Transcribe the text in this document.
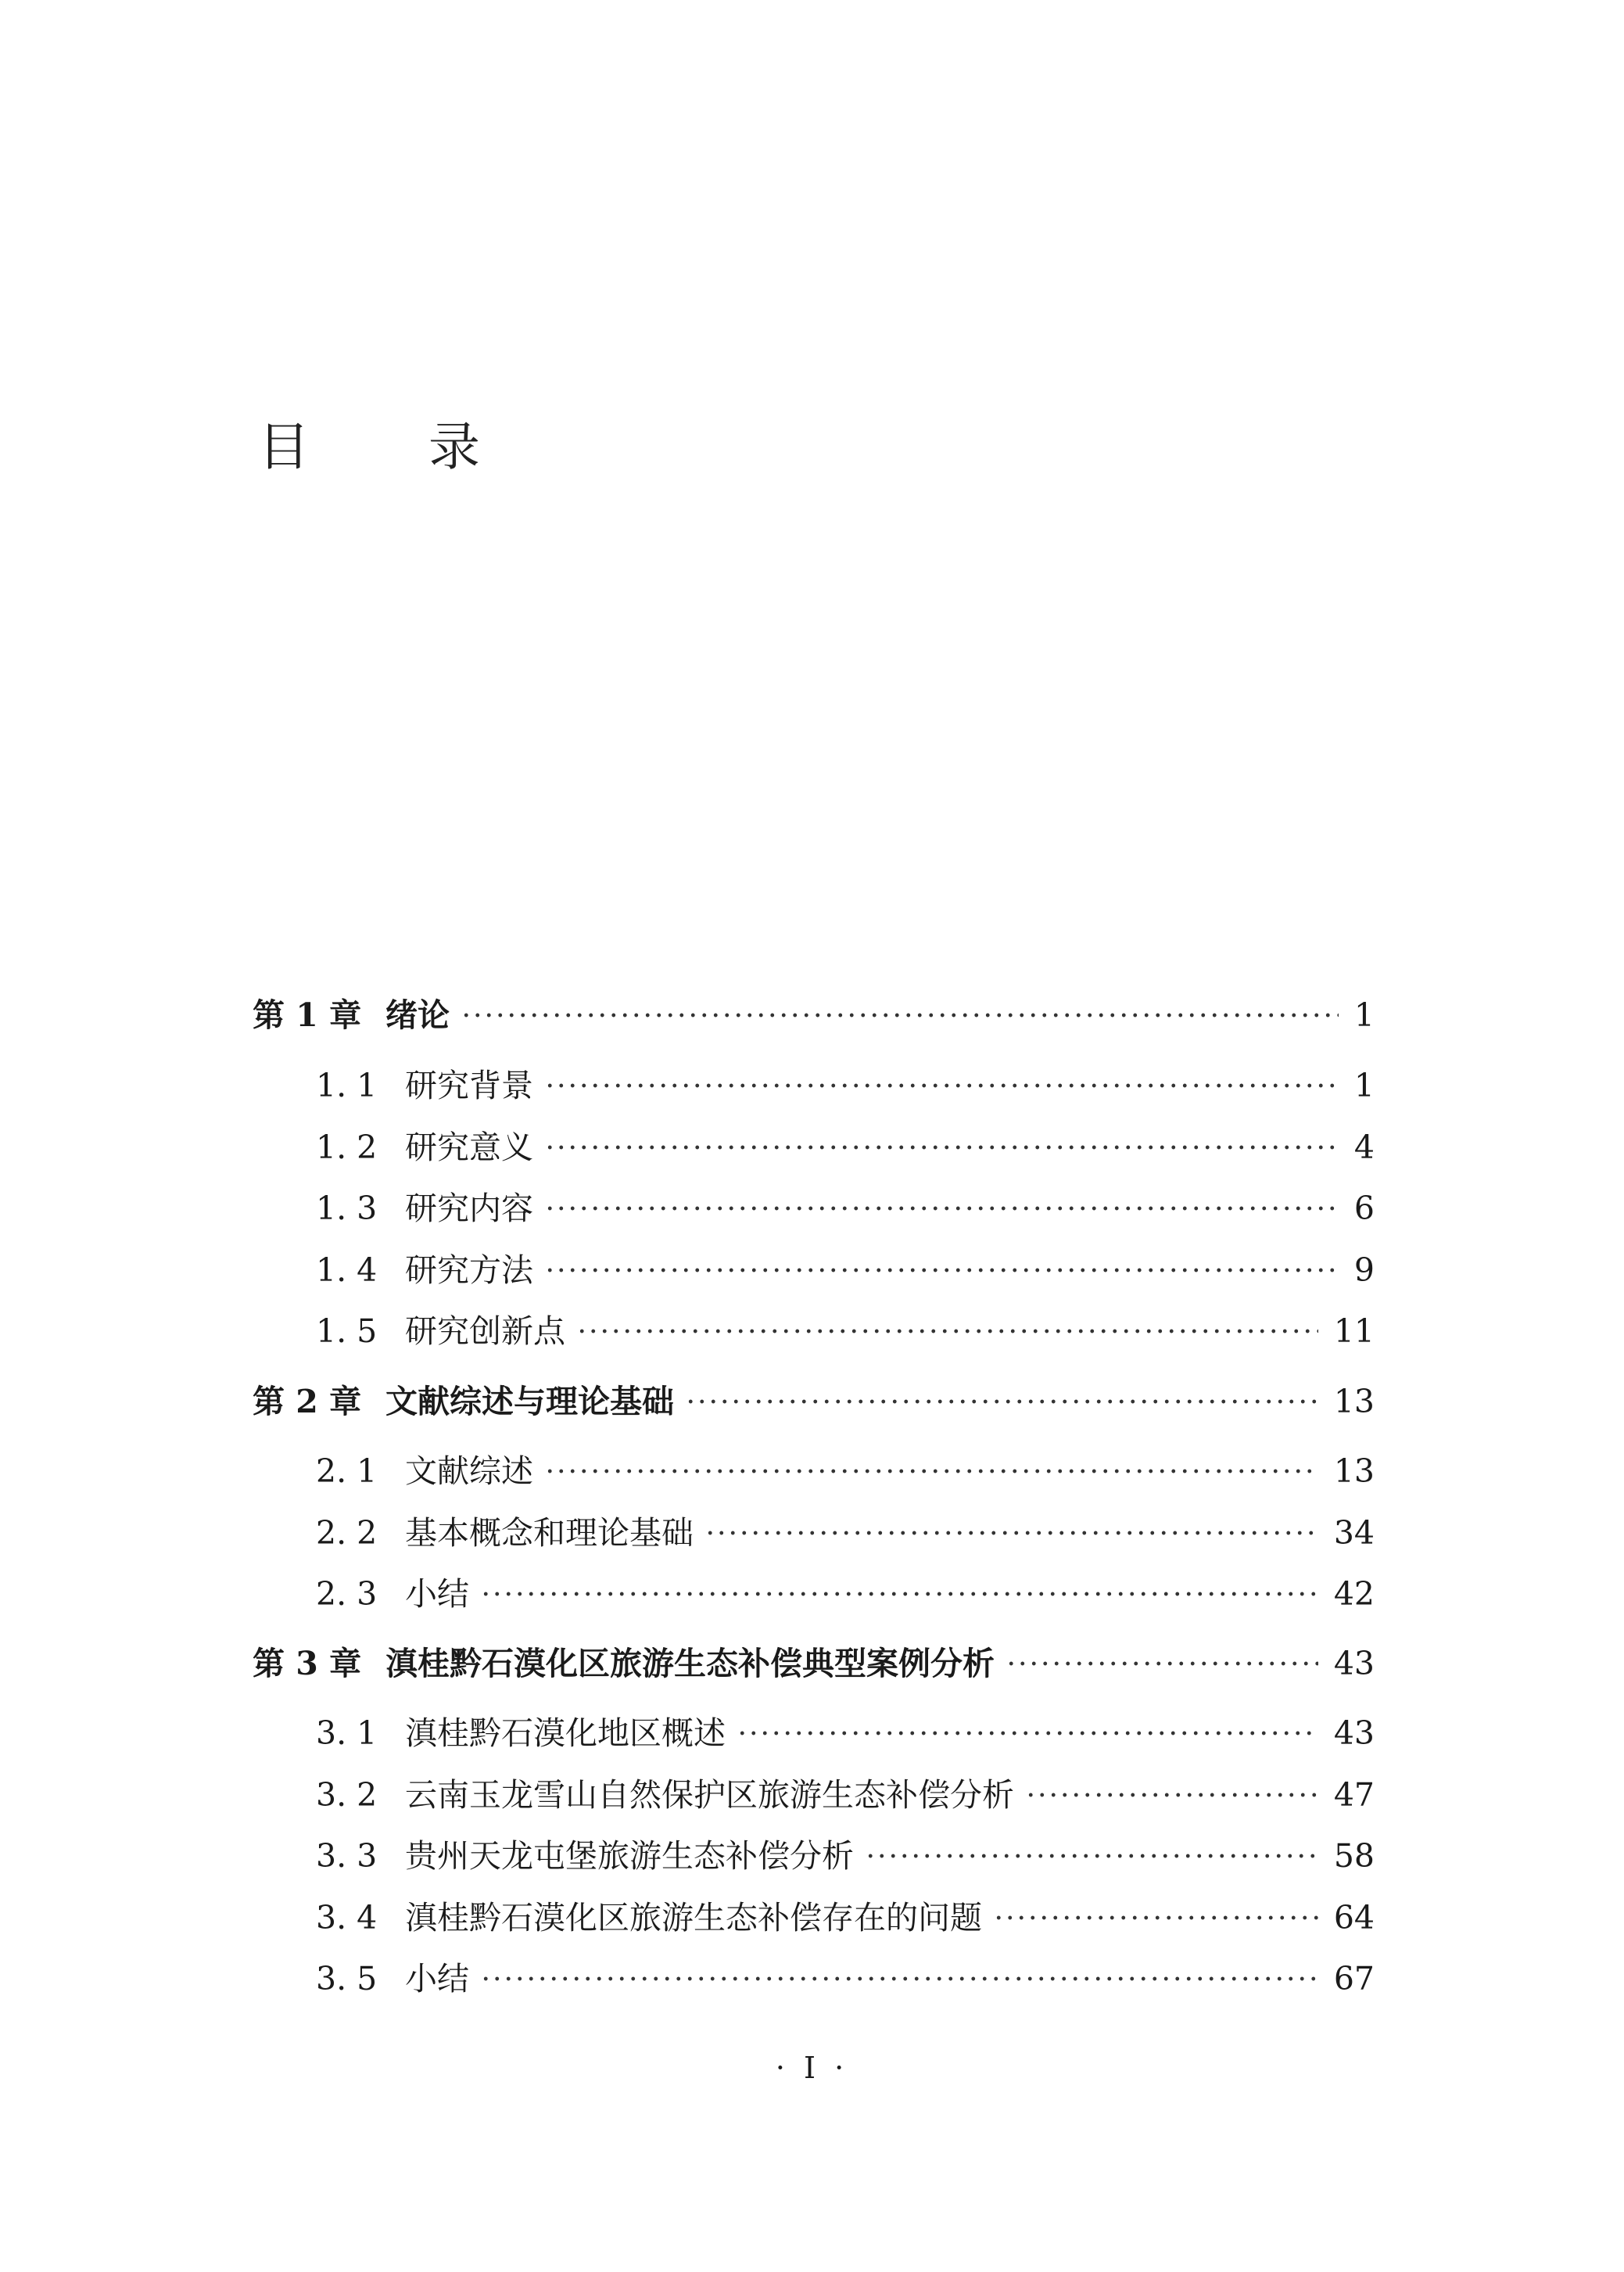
目 录
第 1 章 绪论	1
1. 1 研究背景	1
1. 2 研究意义	4
1. 3 研究内容	6
1. 4 研究方法	9
1. 5 研究创新点	11
第 2 章 文献综述与理论基础	13
2. 1 文献综述	13
2. 2 基本概念和理论基础	34
2. 3 小结	42
第 3 章 滇桂黔石漠化区旅游生态补偿典型案例分析	43
3. 1 滇桂黔石漠化地区概述	43
3. 2 云南玉龙雪山自然保护区旅游生态补偿分析	47
3. 3 贵州天龙屯堡旅游生态补偿分析	58
3. 4 滇桂黔石漠化区旅游生态补偿存在的问题	64
3. 5 小结	67
· I ·
